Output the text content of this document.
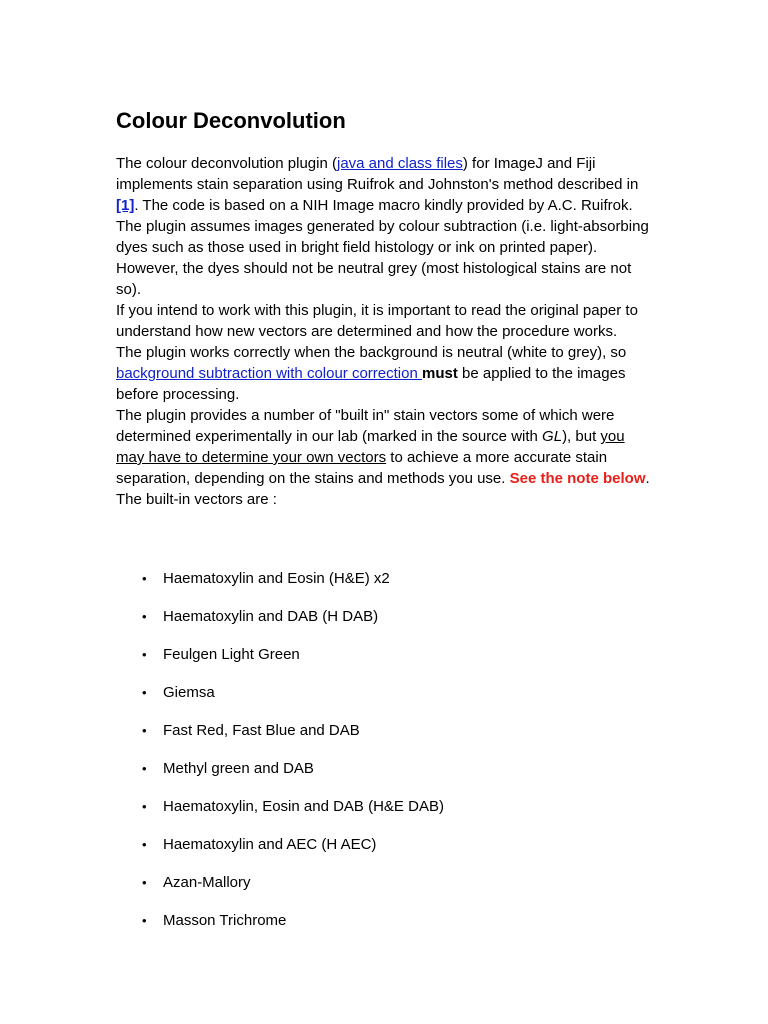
Colour Deconvolution

The colour deconvolution plugin (java and class files) for ImageJ and Fiji implements stain separation using Ruifrok and Johnston's method described in [1]. The code is based on a NIH Image macro kindly provided by A.C. Ruifrok.

The plugin assumes images generated by colour subtraction (i.e. light-absorbing dyes such as those used in bright field histology or ink on printed paper). However, the dyes should not be neutral grey (most histological stains are not so).

If you intend to work with this plugin, it is important to read the original paper to understand how new vectors are determined and how the procedure works.

The plugin works correctly when the background is neutral (white to grey), so background subtraction with colour correction must be applied to the images before processing.

The plugin provides a number of "built in" stain vectors some of which were determined experimentally in our lab (marked in the source with GL), but you may have to determine your own vectors to achieve a more accurate stain separation, depending on the stains and methods you use. See the note below.

The built-in vectors are :

• Haematoxylin and Eosin (H&E) x2
• Haematoxylin and DAB (H DAB)
• Feulgen Light Green
• Giemsa
• Fast Red, Fast Blue and DAB
• Methyl green and DAB
• Haematoxylin, Eosin and DAB (H&E DAB)
• Haematoxylin and AEC (H AEC)
• Azan-Mallory
• Masson Trichrome
